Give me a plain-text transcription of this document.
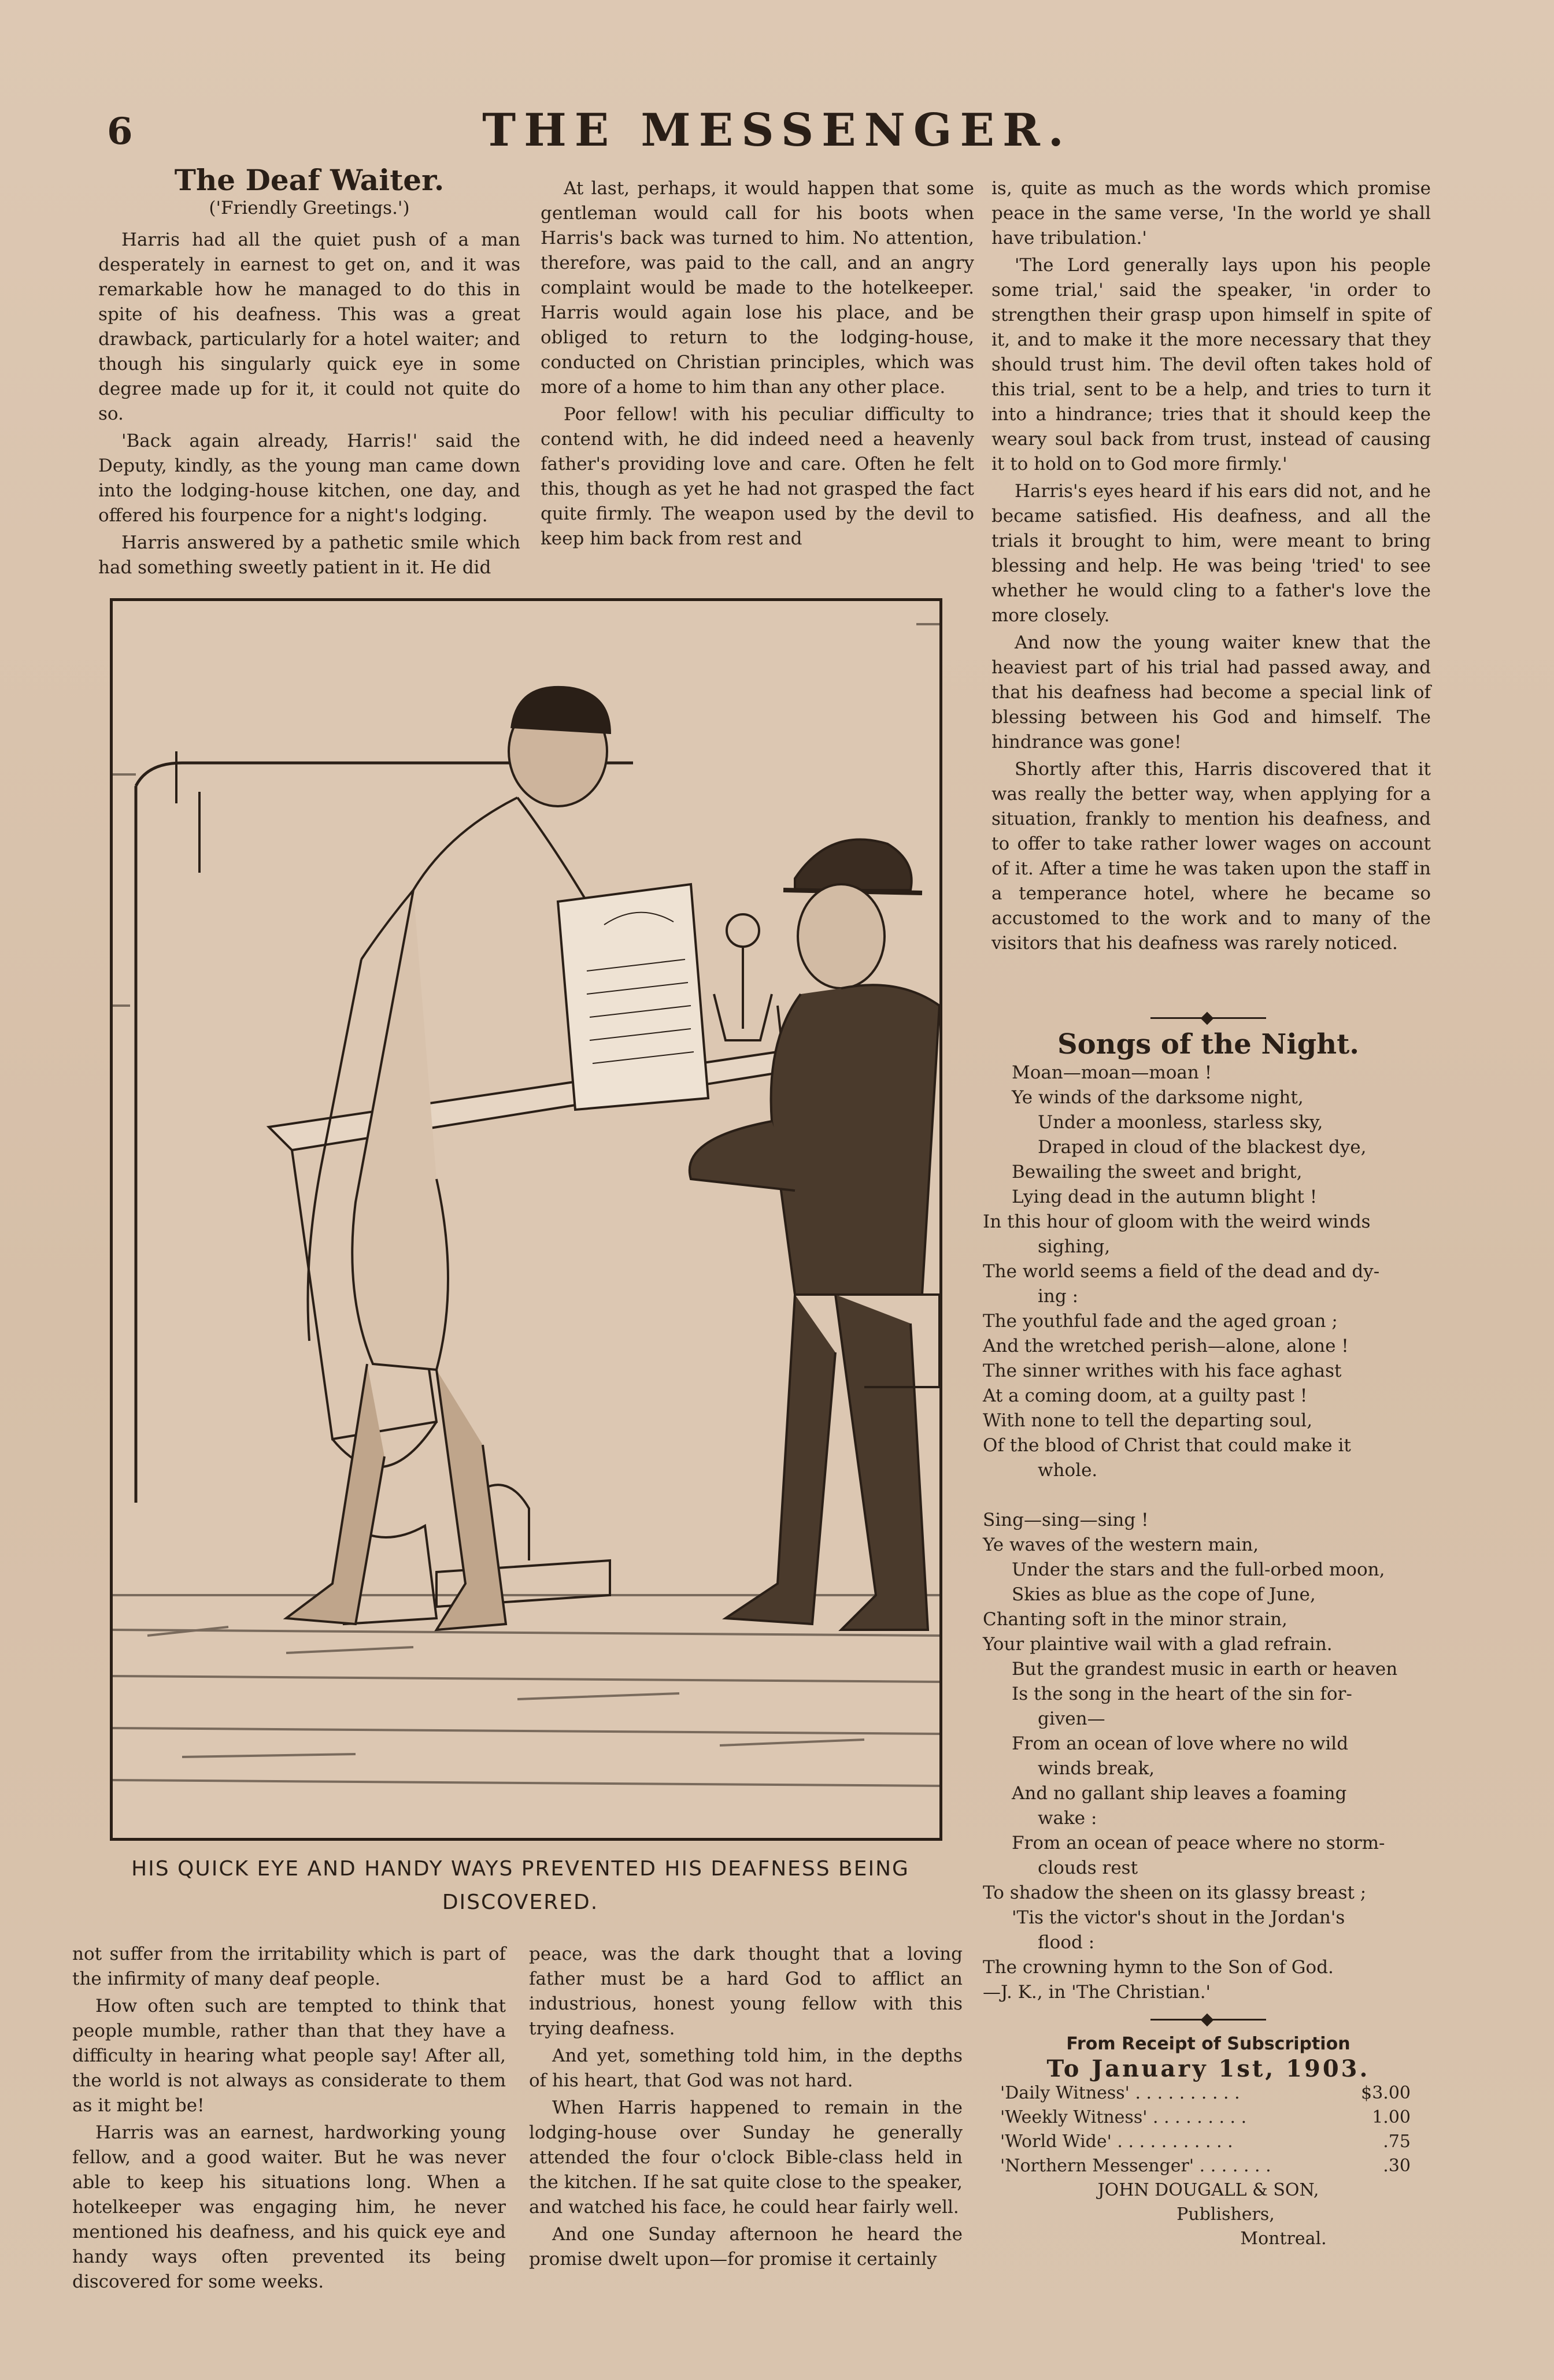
6	THE MESSENGER.
The Deaf Waiter.
('Friendly Greetings.')

Harris had all the quiet push of a man desperately in earnest to get on, and it was remarkable how he managed to do this in spite of his deafness. This was a great drawback, particularly for a hotel waiter; and though his singularly quick eye in some degree made up for it, it could not quite do so.

'Back again already, Harris!' said the Deputy, kindly, as the young man came down into the lodging-house kitchen, one day, and offered his fourpence for a night's lodging.

Harris answered by a pathetic smile which had something sweetly patient in it. He did

At last, perhaps, it would happen that some gentleman would call for his boots when Harris's back was turned to him. No attention, therefore, was paid to the call, and an angry complaint would be made to the hotelkeeper. Harris would again lose his place, and be obliged to return to the lodging-house, conducted on Christian principles, which was more of a home to him than any other place.

Poor fellow! with his peculiar difficulty to contend with, he did indeed need a heavenly father's providing love and care. Often he felt this, though as yet he had not grasped the fact quite firmly. The weapon used by the devil to keep him back from rest and

is, quite as much as the words which promise peace in the same verse, 'In the world ye shall have tribulation.'

'The Lord generally lays upon his people some trial,' said the speaker, 'in order to strengthen their grasp upon himself in spite of it, and to make it the more necessary that they should trust him. The devil often takes hold of this trial, sent to be a help, and tries to turn it into a hindrance; tries that it should keep the weary soul back from trust, instead of causing it to hold on to God more firmly.'

Harris's eyes heard if his ears did not, and he became satisfied. His deafness, and all the trials it brought to him, were meant to bring blessing and help. He was being 'tried' to see whether he would cling to a father's love the more closely.

And now the young waiter knew that the heaviest part of his trial had passed away, and that his deafness had become a special link of blessing between his God and himself. The hindrance was gone!

Shortly after this, Harris discovered that it was really the better way, when applying for a situation, frankly to mention his deafness, and to offer to take rather lower wages on account of it. After a time he was taken upon the staff in a temperance hotel, where he became so accustomed to the work and to many of the visitors that his deafness was rarely noticed.

HIS QUICK EYE AND HANDY WAYS PREVENTED HIS DEAFNESS BEING DISCOVERED.

not suffer from the irritability which is part of the infirmity of many deaf people.

How often such are tempted to think that people mumble, rather than that they have a difficulty in hearing what people say! After all, the world is not always as considerate to them as it might be!

Harris was an earnest, hardworking young fellow, and a good waiter. But he was never able to keep his situations long. When a hotelkeeper was engaging him, he never mentioned his deafness, and his quick eye and handy ways often prevented its being discovered for some weeks.

peace, was the dark thought that a loving father must be a hard God to afflict an industrious, honest young fellow with this trying deafness.

And yet, something told him, in the depths of his heart, that God was not hard.

When Harris happened to remain in the lodging-house over Sunday he generally attended the four o'clock Bible-class held in the kitchen. If he sat quite close to the speaker, and watched his face, he could hear fairly well.

And one Sunday afternoon he heard the promise dwelt upon—for promise it certainly

Songs of the Night.

Moan—moan—moan !

Ye winds of the darksome night,

Under a moonless, starless sky,

Draped in cloud of the blackest dye,

Bewailing the sweet and bright,

Lying dead in the autumn blight !

In this hour of gloom with the weird winds

sighing,

The world seems a field of the dead and dy-

ing :

The youthful fade and the aged groan ;

And the wretched perish—alone, alone !

The sinner writhes with his face aghast

At a coming doom, at a guilty past !

With none to tell the departing soul,

Of the blood of Christ that could make it

whole.

Sing—sing—sing !

Ye waves of the western main,

Under the stars and the full-orbed moon,

Skies as blue as the cope of June,

Chanting soft in the minor strain,

Your plaintive wail with a glad refrain.

But the grandest music in earth or heaven

Is the song in the heart of the sin for-

given—

From an ocean of love where no wild

winds break,

And no gallant ship leaves a foaming

wake :

From an ocean of peace where no storm-

clouds rest

To shadow the sheen on its glassy breast ;

'Tis the victor's shout in the Jordan's

flood :

The crowning hymn to the Son of God.

—J. K., in 'The Christian.'

From Receipt of Subscription
To January 1st, 1903.
'Daily Witness' . . . . . . . . . .	$3.00
'Weekly Witness' . . . . . . . . .	1.00
'World Wide' . . . . . . . . . . .	.75
'Northern Messenger' . . . . . . .	.30
JOHN DOUGALL & SON,
Publishers,
Montreal.
